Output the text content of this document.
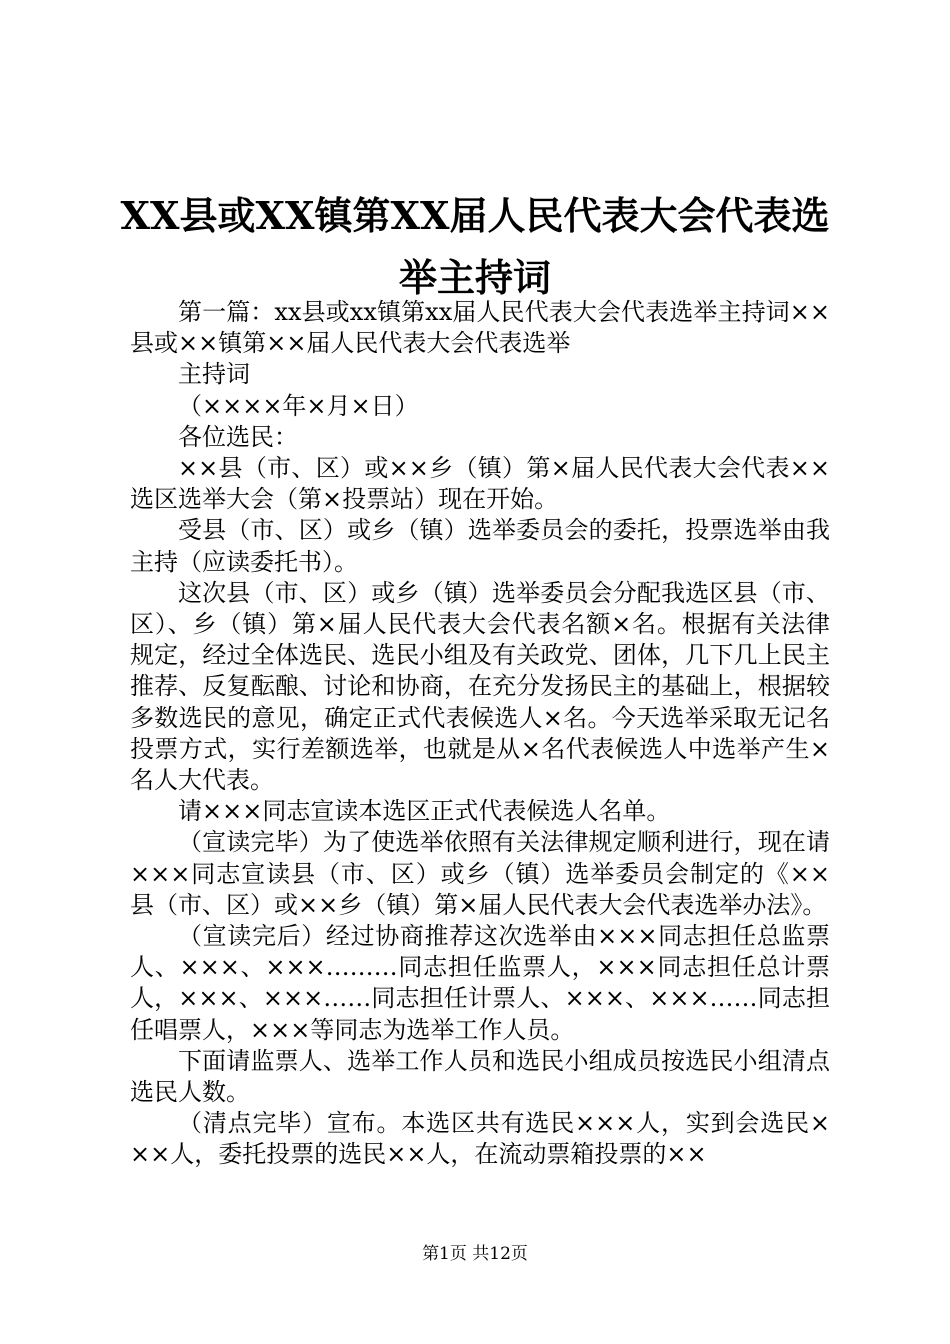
XX县或XX镇第XX届人民代表大会代表选举主持词

第一篇：xx县或xx镇第xx届人民代表大会代表选举主持词××县或××镇第××届人民代表大会代表选举

主持词

（××××年×月×日）

各位选民：

××县（市、区）或××乡（镇）第×届人民代表大会代表××选区选举大会（第×投票站）现在开始。

受县（市、区）或乡（镇）选举委员会的委托，投票选举由我主持（应读委托书）。

这次县（市、区）或乡（镇）选举委员会分配我选区县（市、区）、乡（镇）第×届人民代表大会代表名额×名。根据有关法律规定，经过全体选民、选民小组及有关政党、团体，几下几上民主推荐、反复酝酿、讨论和协商，在充分发扬民主的基础上，根据较多数选民的意见，确定正式代表候选人×名。今天选举采取无记名投票方式，实行差额选举，也就是从×名代表候选人中选举产生×名人大代表。

请×××同志宣读本选区正式代表候选人名单。

（宣读完毕）为了使选举依照有关法律规定顺利进行，现在请×××同志宣读县（市、区）或乡（镇）选举委员会制定的《××县（市、区）或××乡（镇）第×届人民代表大会代表选举办法》。

（宣读完后）经过协商推荐这次选举由×××同志担任总监票人、×××、×××………同志担任监票人，×××同志担任总计票人，×××、×××……同志担任计票人、×××、×××……同志担任唱票人，×××等同志为选举工作人员。

下面请监票人、选举工作人员和选民小组成员按选民小组清点选民人数。

（清点完毕）宣布。本选区共有选民×××人，实到会选民×××人，委托投票的选民××人，在流动票箱投票的××

第1页 共12页
